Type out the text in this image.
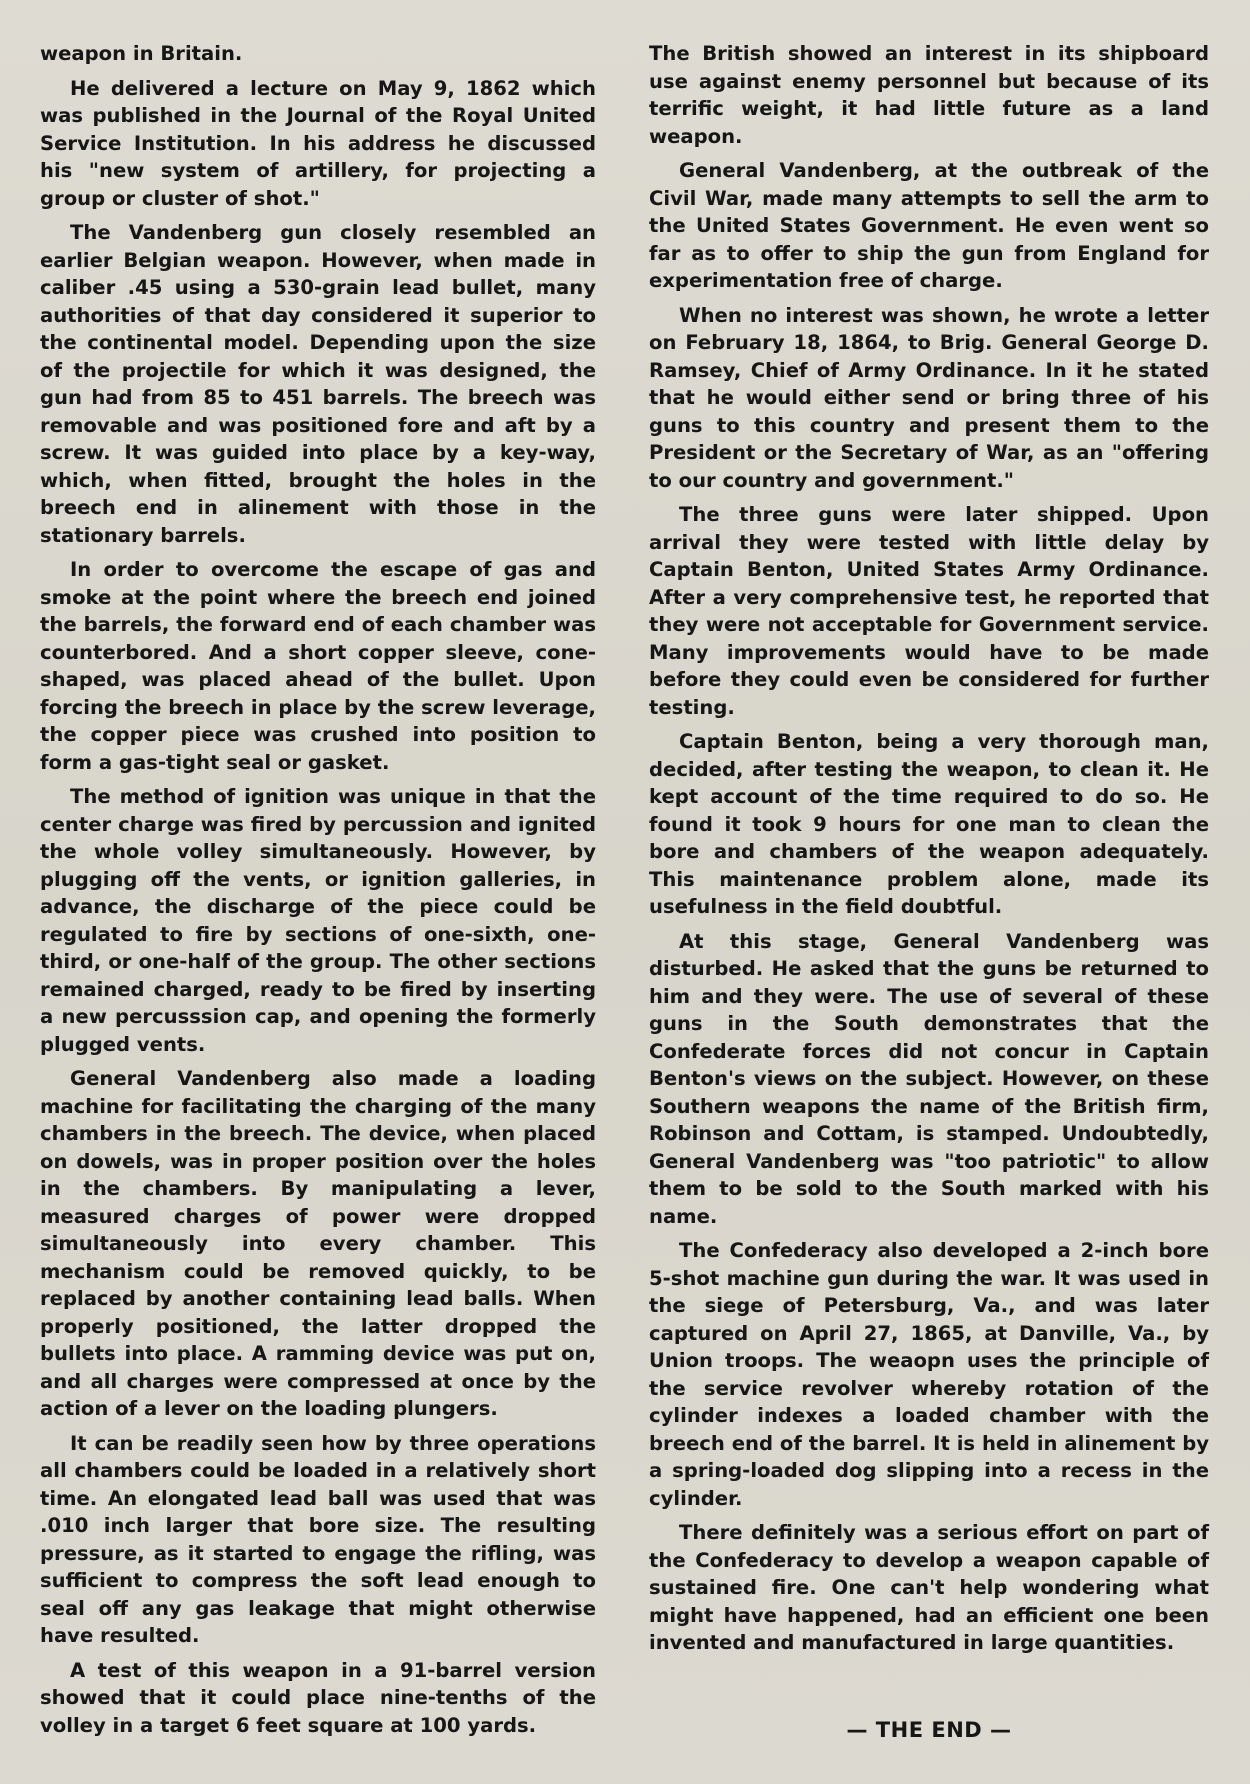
weapon in Britain.

He delivered a lecture on May 9, 1862 which was published in the Journal of the Royal United Service Institution. In his address he discussed his "new system of artillery, for projecting a group or cluster of shot."

The Vandenberg gun closely resembled an earlier Belgian weapon. However, when made in caliber .45 using a 530-grain lead bullet, many authorities of that day considered it superior to the continental model. Depending upon the size of the projectile for which it was designed, the gun had from 85 to 451 barrels. The breech was removable and was positioned fore and aft by a screw. It was guided into place by a key-way, which, when fitted, brought the holes in the breech end in alinement with those in the stationary barrels.

In order to overcome the escape of gas and smoke at the point where the breech end joined the barrels, the forward end of each chamber was counterbored. And a short copper sleeve, cone-shaped, was placed ahead of the bullet. Upon forcing the breech in place by the screw leverage, the copper piece was crushed into position to form a gas-tight seal or gasket.

The method of ignition was unique in that the center charge was fired by percussion and ignited the whole volley simultaneously. However, by plugging off the vents, or ignition galleries, in advance, the discharge of the piece could be regulated to fire by sections of one-sixth, one-third, or one-half of the group. The other sections remained charged, ready to be fired by inserting a new percusssion cap, and opening the formerly plugged vents.

General Vandenberg also made a loading machine for facilitating the charging of the many chambers in the breech. The device, when placed on dowels, was in proper position over the holes in the chambers. By manipulating a lever, measured charges of power were dropped simultaneously into every chamber. This mechanism could be removed quickly, to be replaced by another containing lead balls. When properly positioned, the latter dropped the bullets into place. A ramming device was put on, and all charges were compressed at once by the action of a lever on the loading plungers.

It can be readily seen how by three operations all chambers could be loaded in a relatively short time. An elongated lead ball was used that was .010 inch larger that bore size. The resulting pressure, as it started to engage the rifling, was sufficient to compress the soft lead enough to seal off any gas leakage that might otherwise have resulted.

A test of this weapon in a 91-barrel version showed that it could place nine-tenths of the volley in a target 6 feet square at 100 yards.

The British showed an interest in its shipboard use against enemy personnel but because of its terrific weight, it had little future as a land weapon.

General Vandenberg, at the outbreak of the Civil War, made many attempts to sell the arm to the United States Government. He even went so far as to offer to ship the gun from England for experimentation free of charge.

When no interest was shown, he wrote a letter on February 18, 1864, to Brig. General George D. Ramsey, Chief of Army Ordinance. In it he stated that he would either send or bring three of his guns to this country and present them to the President or the Secretary of War, as an "offering to our country and government."

The three guns were later shipped. Upon arrival they were tested with little delay by Captain Benton, United States Army Ordinance. After a very comprehensive test, he reported that they were not acceptable for Government service. Many improvements would have to be made before they could even be considered for further testing.

Captain Benton, being a very thorough man, decided, after testing the weapon, to clean it. He kept account of the time required to do so. He found it took 9 hours for one man to clean the bore and chambers of the weapon adequately. This maintenance problem alone, made its usefulness in the field doubtful.

At this stage, General Vandenberg was disturbed. He asked that the guns be returned to him and they were. The use of several of these guns in the South demonstrates that the Confederate forces did not concur in Captain Benton's views on the subject. However, on these Southern weapons the name of the British firm, Robinson and Cottam, is stamped. Undoubtedly, General Vandenberg was "too patriotic" to allow them to be sold to the South marked with his name.

The Confederacy also developed a 2-inch bore 5-shot machine gun during the war. It was used in the siege of Petersburg, Va., and was later captured on April 27, 1865, at Danville, Va., by Union troops. The weaopn uses the principle of the service revolver whereby rotation of the cylinder indexes a loaded chamber with the breech end of the barrel. It is held in alinement by a spring-loaded dog slipping into a recess in the cylinder.

There definitely was a serious effort on part of the Confederacy to develop a weapon capable of sustained fire. One can't help wondering what might have happened, had an efficient one been invented and manufactured in large quantities.

— THE END —
